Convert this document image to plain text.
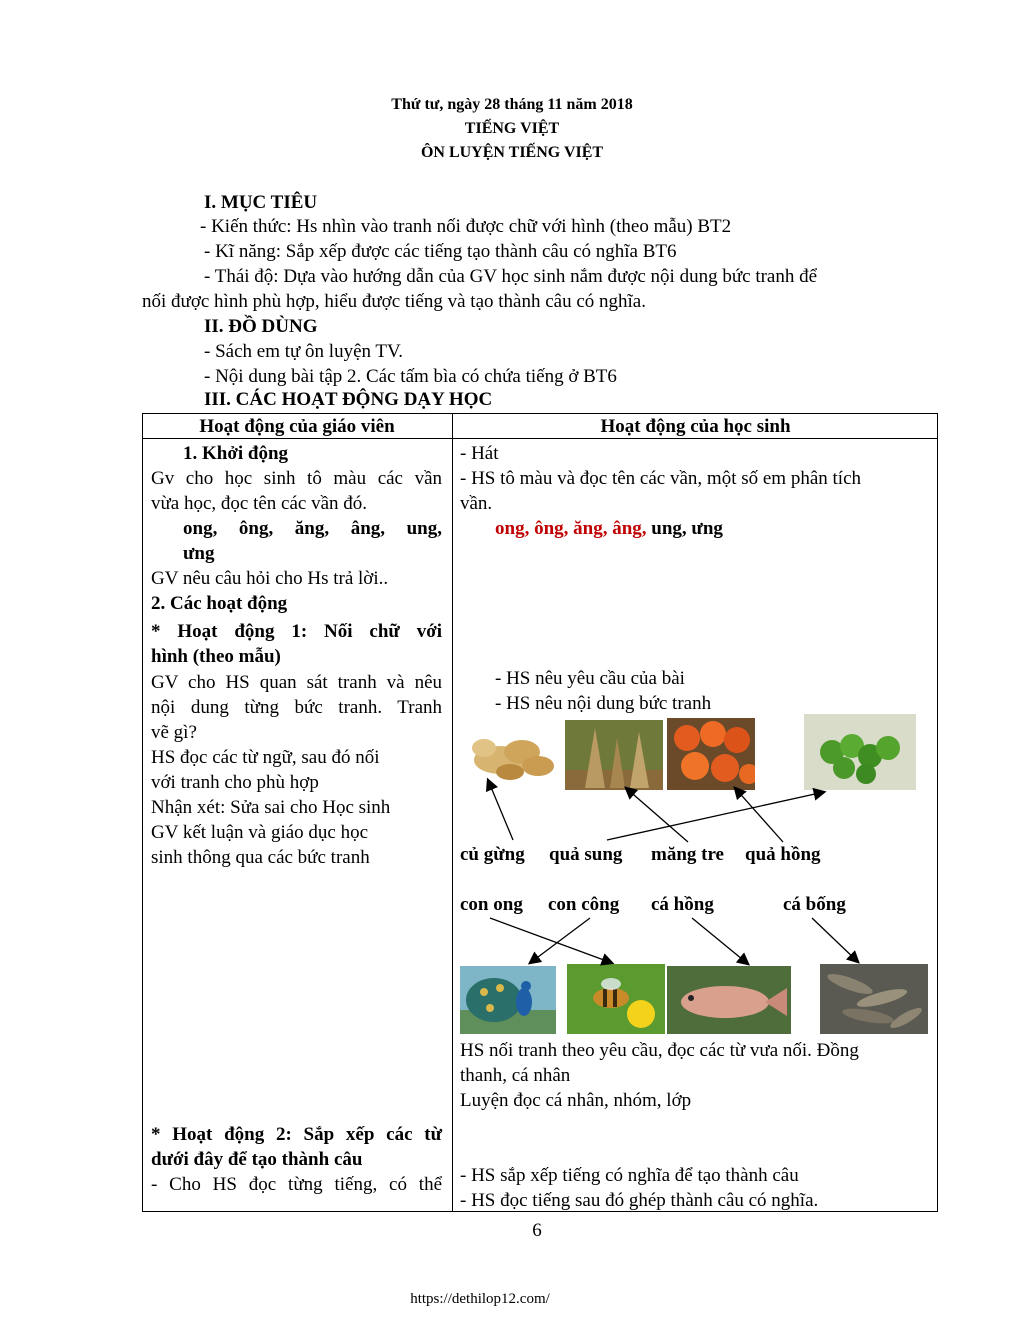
Thứ tư, ngày 28 tháng 11 năm 2018
TIẾNG VIỆT
ÔN LUYỆN TIẾNG VIỆT
I. MỤC TIÊU
- Kiến thức: Hs nhìn vào tranh nối được chữ với hình (theo mẫu) BT2
- Kĩ năng: Sắp xếp được các tiếng tạo thành câu có nghĩa BT6
- Thái độ: Dựa vào hướng dẫn của GV học sinh nắm được nội dung bức tranh để
nối được hình phù hợp, hiểu được tiếng và tạo thành câu có nghĩa.
II. ĐỒ DÙNG
- Sách em tự ôn luyện TV.
- Nội dung bài tập 2. Các tấm bìa có chứa tiếng ở BT6
III. CÁC HOẠT ĐỘNG DẠY HỌC
Hoạt động của giáo viên	Hoạt động của học sinh
1. Khởi động
Gv cho học sinh tô màu các vần
vừa học, đọc tên các vần đó.
ong, ông, ăng, âng, ung,
ưng
GV nêu câu hỏi cho Hs trả lời..
2. Các hoạt động
* Hoạt động 1: Nối chữ với
hình (theo mẫu)
GV cho HS quan sát tranh và nêu
nội dung từng bức tranh. Tranh
vẽ gì?
HS đọc các từ ngữ, sau đó nối
với tranh cho phù hợp
Nhận xét: Sửa sai cho Học sinh
GV kết luận và giáo dục học
sinh thông qua các bức tranh
* Hoạt động 2: Sắp xếp các từ
dưới đây để tạo thành câu
- Cho HS đọc từng tiếng, có thể
- Hát
- HS tô màu và đọc tên các vần, một số em phân tích
vần.
ong, ông, ăng, âng, ung, ưng
- HS nêu yêu cầu của bài
- HS nêu nội dung bức tranh
củ gừng quả sung măng tre quả hồng
con ong con công cá hồng	cá bống
HS nối tranh theo yêu cầu, đọc các từ vưa nối. Đồng
thanh, cá nhân
Luyện đọc cá nhân, nhóm, lớp
- HS sắp xếp tiếng có nghĩa để tạo thành câu
- HS đọc tiếng sau đó ghép thành câu có nghĩa.
6
https://dethilop12.com/
